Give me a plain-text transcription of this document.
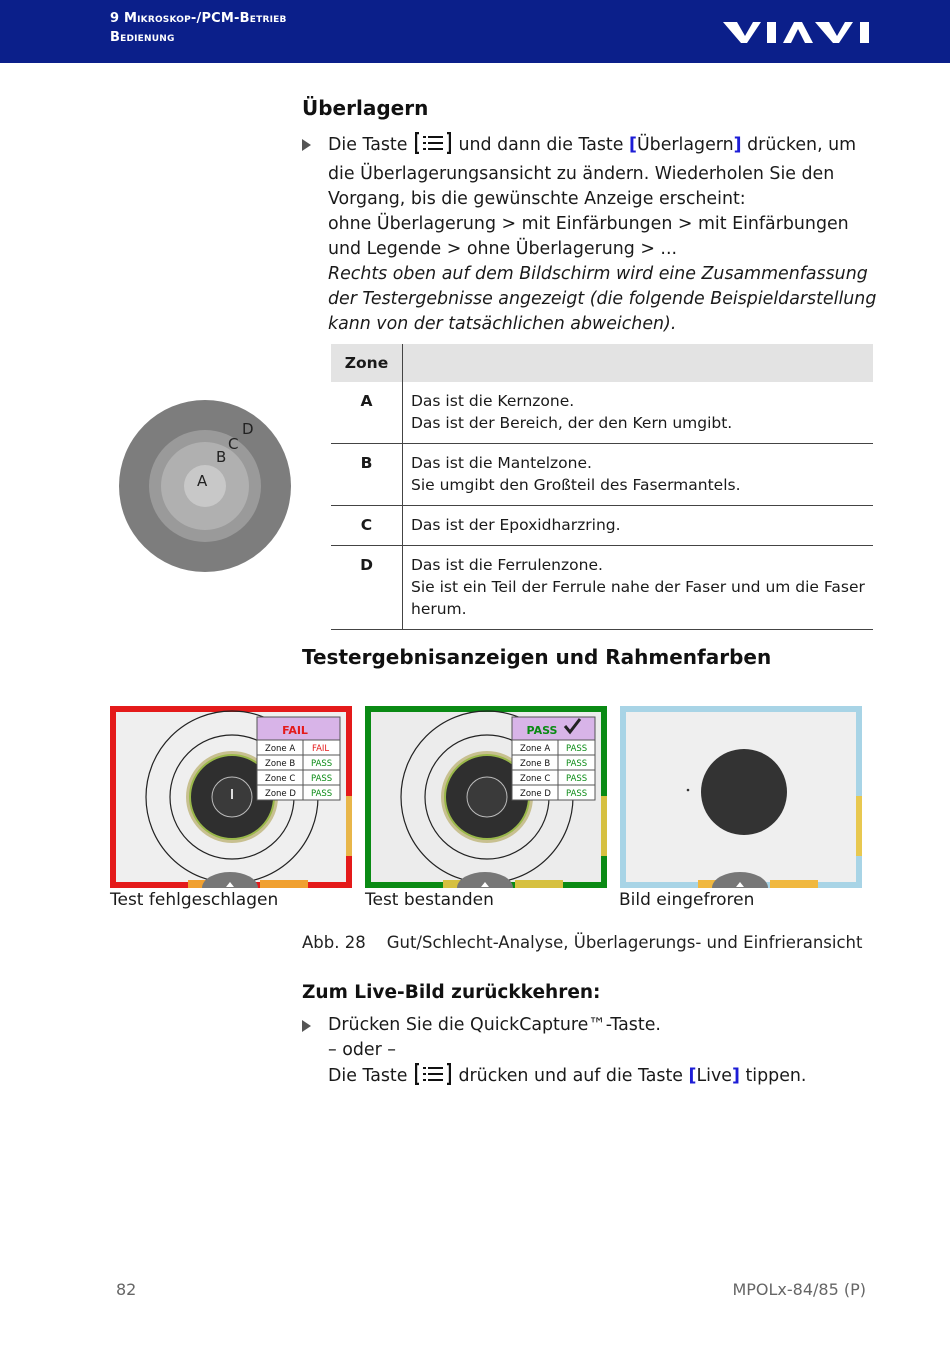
9 Mikroskop-/PCM-Betrieb
Bedienung
Überlagern
Die Taste  und dann die Taste [Überlagern] drücken, um
die Überlagerungsansicht zu ändern. Wiederholen Sie den
Vorgang, bis die gewünschte Anzeige erscheint:
ohne Überlagerung > mit Einfärbungen > mit Einfärbungen
und Legende > ohne Überlagerung > ...
Rechts oben auf dem Bildschirm wird eine Zusammenfassung
der Testergebnisse angezeigt (die folgende Beispieldarstellung
kann von der tatsächlichen abweichen).
A
B
C
D
Zone	
A	Das ist die Kernzone.
Das ist der Bereich, der den Kern umgibt.

B	Das ist die Mantelzone.
Sie umgibt den Großteil des Fasermantels.

C	Das ist der Epoxidharzring.

D	Das ist die Ferrulenzone.
Sie ist ein Teil der Ferrule nahe der Faser und um die Faser
herum.
Testergebnisanzeigen und Rahmenfarben
FAIL
Zone A FAIL
Zone B PASS
Zone C PASS
Zone D PASS
Test fehlgeschlagen
PASS
Zone A PASS
Zone B PASS
Zone C PASS
Zone D PASS
Test bestanden	Bild eingefroren
Abb. 28    Gut/Schlecht-Analyse, Überlagerungs- und Einfrieransicht
Zum Live-Bild zurückkehren:
Drücken Sie die QuickCapture™-Taste.
– oder –
Die Taste  drücken und auf die Taste [Live] tippen.
82	MPOLx-84/85 (P)
